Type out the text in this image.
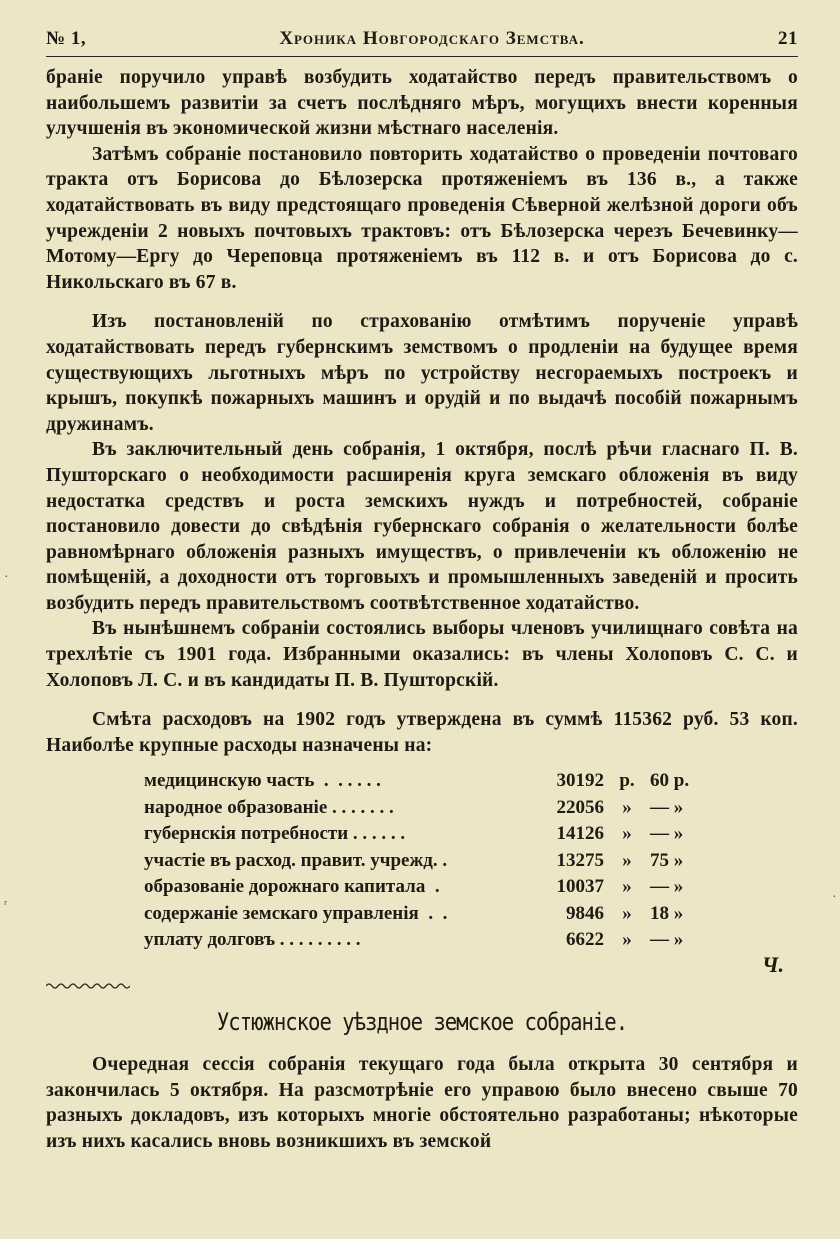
№ 1,	Хроника Новгородскаго Земства.	21

браніе поручило управѣ возбудить ходатайство передъ правительствомъ о наибольшемъ развитіи за счетъ послѣдняго мѣръ, могущихъ внести коренныя улучшенія въ экономической жизни мѣстнаго населенія.

Затѣмъ собраніе постановило повторить ходатайство о проведеніи почтоваго тракта отъ Борисова до Бѣлозерска протяженіемъ въ 136 в., а также ходатайствовать въ виду предстоящаго проведенія Сѣверной желѣзной дороги объ учрежденіи 2 новыхъ почтовыхъ трактовъ: отъ Бѣлозерска черезъ Бечевинку—Мотому—Ергу до Череповца протяженіемъ въ 112 в. и отъ Борисова до с. Никольскаго въ 67 в.

Изъ постановленій по страхованію отмѣтимъ порученіе управѣ ходатайствовать передъ губернскимъ земствомъ о продленіи на будущее время существующихъ льготныхъ мѣръ по устройству несгораемыхъ построекъ и крышъ, покупкѣ пожарныхъ машинъ и орудій и по выдачѣ пособій пожарнымъ дружинамъ.

Въ заключительный день собранія, 1 октября, послѣ рѣчи гласнаго П. В. Пушторскаго о необходимости расширенія круга земскаго обложенія въ виду недостатка средствъ и роста земскихъ нуждъ и потребностей, собраніе постановило довести до свѣдѣнія губернскаго собранія о желательности болѣе равномѣрнаго обложенія разныхъ имуществъ, о привлеченіи къ обложенію не помѣщеній, а доходности отъ торговыхъ и промышленныхъ заведеній и просить возбудить передъ правительствомъ соотвѣтственное ходатайство.

Въ нынѣшнемъ собраніи состоялись выборы членовъ училищнаго совѣта на трехлѣтіе съ 1901 года. Избранными оказались: въ члены Холоповъ С. С. и Холоповъ Л. С. и въ кандидаты П. В. Пушторскій.

Смѣта расходовъ на 1902 годъ утверждена въ суммѣ 115362 руб. 53 коп. Наиболѣе крупные расходы назначены на:

медицинскую часть  .  . . . . .	30192 р. 60 р.
народное образованіе . . . . . . .	22056 » — »
губернскія потребности . . . . . .	14126 » — »
участіе въ расход. правит. учрежд. .	13275 » 75 »
образованіе дорожнаго капитала  .	10037 » — »
содержаніе земскаго управленія  .  .	9846 » 18 »
уплату долговъ . . . . . . . . .	6622 » — »
Ч.
Устюжнское уѣздное земское собраніе.

Очередная сессія собранія текущаго года была открыта 30 сентября и закончилась 5 октября. На разсмотрѣніе его управою было внесено свыше 70 разныхъ докладовъ, изъ которыхъ многіе обстоятельно разработаны; нѣкоторые изъ нихъ касались вновь возникшихъ въ земской

·
ʳ
·
